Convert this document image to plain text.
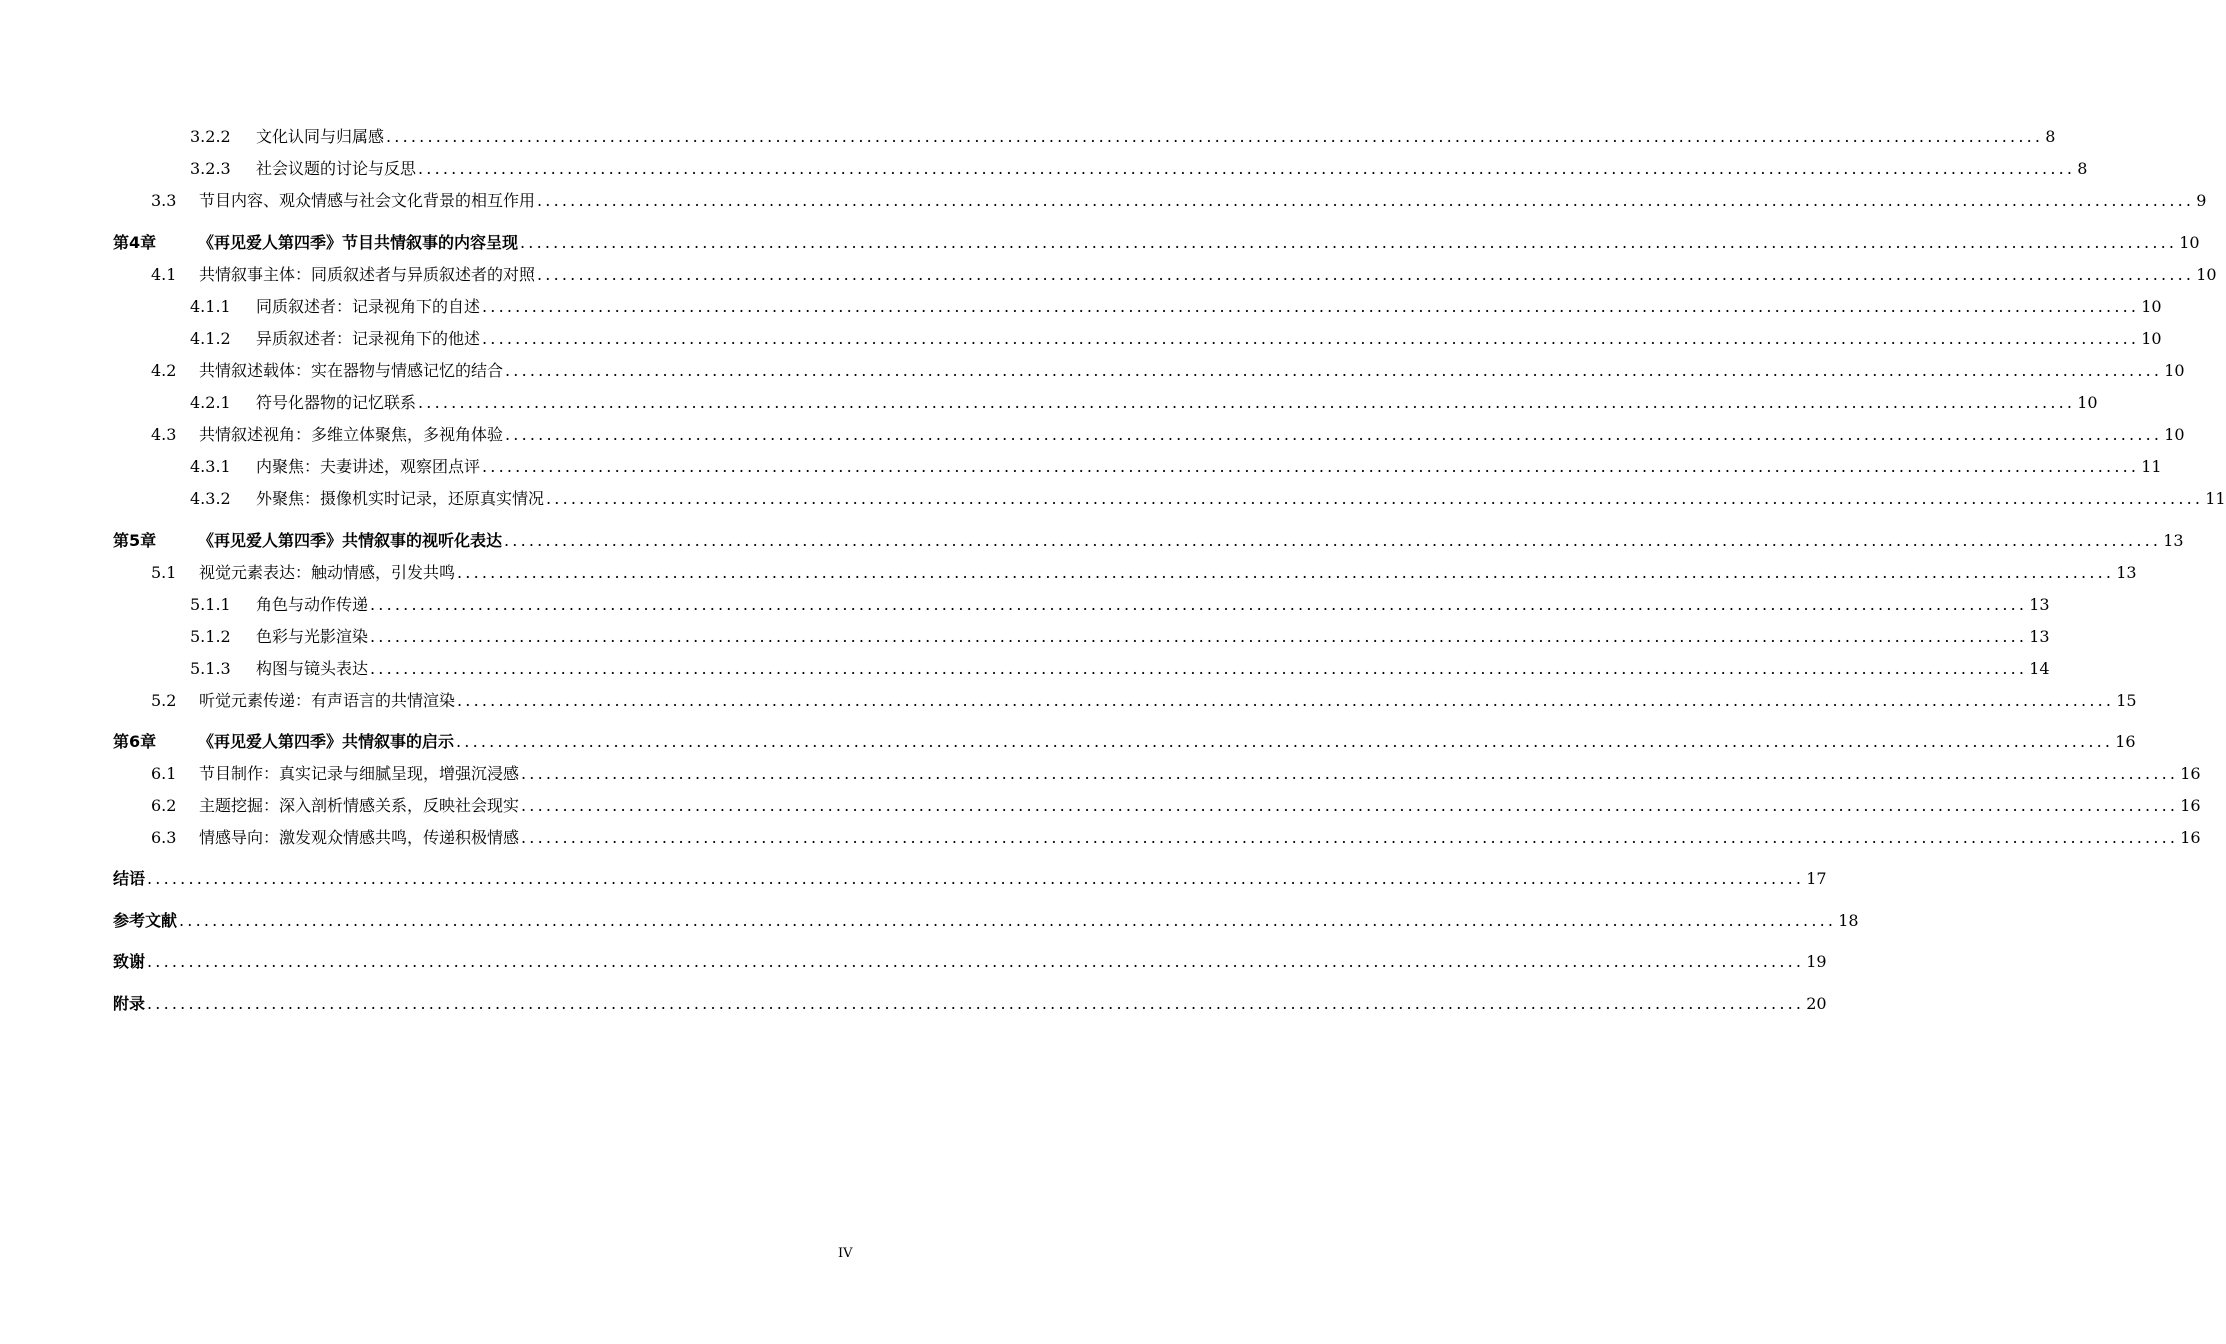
3.2.2	文化认同与归属感 ........................................................................................................................................................................................................ 8
3.2.3	社会议题的讨论与反思 ........................................................................................................................................................................................................ 8
3.3	节目内容、观众情感与社会文化背景的相互作用 ........................................................................................................................................................................................................ 9
第4章	《再见爱人第四季》节目共情叙事的内容呈现 ........................................................................................................................................................................................................ 10
4.1	共情叙事主体：同质叙述者与异质叙述者的对照 ........................................................................................................................................................................................................ 10
4.1.1	同质叙述者：记录视角下的自述 ........................................................................................................................................................................................................ 10
4.1.2	异质叙述者：记录视角下的他述 ........................................................................................................................................................................................................ 10
4.2	共情叙述载体：实在器物与情感记忆的结合 ........................................................................................................................................................................................................ 10
4.2.1	符号化器物的记忆联系 ........................................................................................................................................................................................................ 10
4.3	共情叙述视角：多维立体聚焦，多视角体验 ........................................................................................................................................................................................................ 10
4.3.1	内聚焦：夫妻讲述，观察团点评 ........................................................................................................................................................................................................ 11
4.3.2	外聚焦：摄像机实时记录，还原真实情况 ........................................................................................................................................................................................................ 11
第5章	《再见爱人第四季》共情叙事的视听化表达 ........................................................................................................................................................................................................ 13
5.1	视觉元素表达：触动情感，引发共鸣 ........................................................................................................................................................................................................ 13
5.1.1	角色与动作传递 ........................................................................................................................................................................................................ 13
5.1.2	色彩与光影渲染 ........................................................................................................................................................................................................ 13
5.1.3	构图与镜头表达 ........................................................................................................................................................................................................ 14
5.2	听觉元素传递：有声语言的共情渲染 ........................................................................................................................................................................................................ 15
第6章	《再见爱人第四季》共情叙事的启示 ........................................................................................................................................................................................................ 16
6.1	节目制作：真实记录与细腻呈现，增强沉浸感 ........................................................................................................................................................................................................ 16
6.2	主题挖掘：深入剖析情感关系，反映社会现实 ........................................................................................................................................................................................................ 16
6.3	情感导向：激发观众情感共鸣，传递积极情感 ........................................................................................................................................................................................................ 16
结语 ........................................................................................................................................................................................................ 17
参考文献 ........................................................................................................................................................................................................ 18
致谢 ........................................................................................................................................................................................................ 19
附录 ........................................................................................................................................................................................................ 20
IV
